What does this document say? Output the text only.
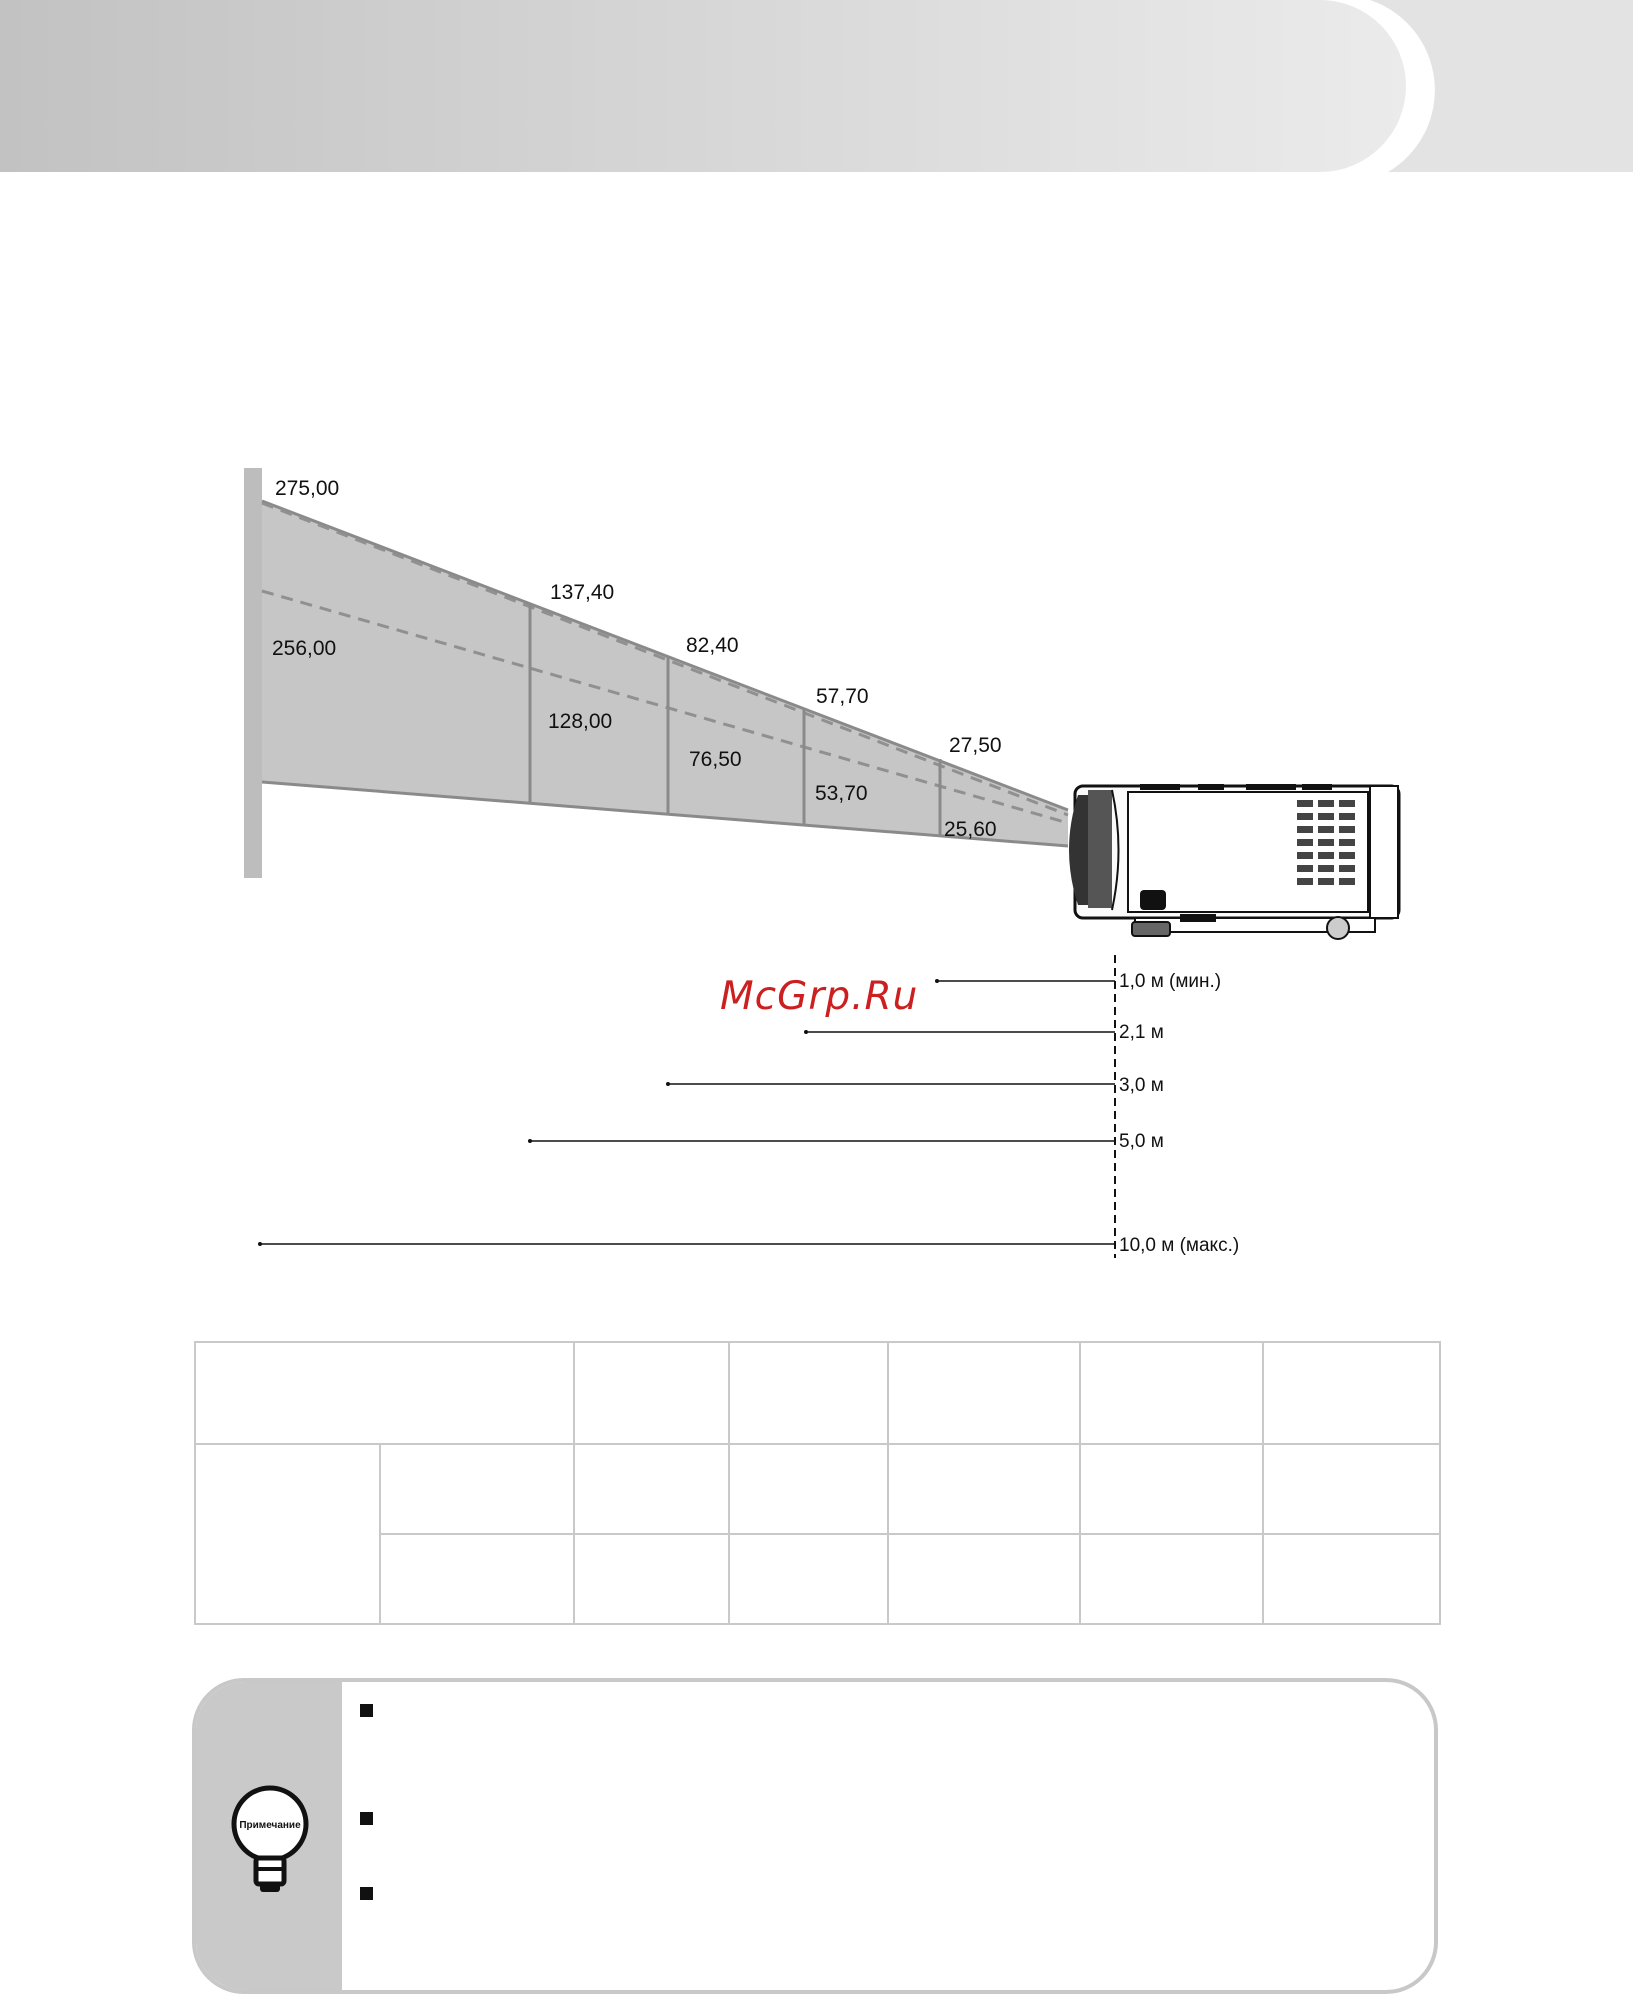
275,00
137,40
82,40
57,70
27,50
256,00
128,00
76,50
53,70
25,60
1,0 м (мин.)
2,1 м
3,0 м
5,0 м
10,0 м (макс.)
McGrp.Ru

Примечание
